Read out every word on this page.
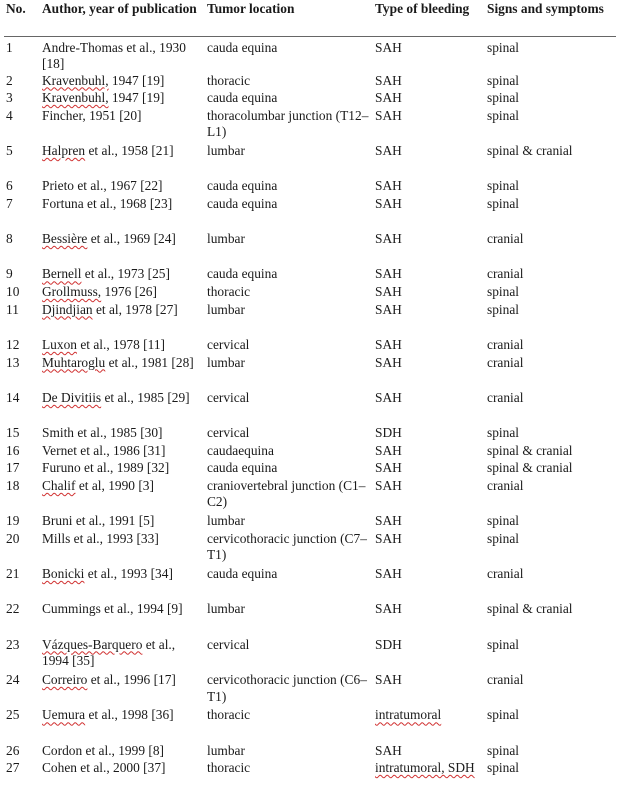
No.	Author, year of publication	Tumor location	Type of bleeding	Signs and symptoms
1	Andre-Thomas et al., 1930 [18]	cauda equina	SAH	spinal
2	Kravenbuhl, 1947 [19]	thoracic	SAH	spinal
3	Kravenbuhl, 1947 [19]	cauda equina	SAH	spinal
4	Fincher, 1951 [20]	thoracolumbar junction (T12–L1)	SAH	spinal
5	Halpren et al., 1958 [21]	lumbar	SAH	spinal & cranial
6	Prieto et al., 1967 [22]	cauda equina	SAH	spinal
7	Fortuna et al., 1968 [23]	cauda equina	SAH	spinal
8	Bessière et al., 1969 [24]	lumbar	SAH	cranial
9	Bernell et al., 1973 [25]	cauda equina	SAH	cranial
10	Grollmuss, 1976 [26]	thoracic	SAH	spinal
11	Djindjian et al, 1978 [27]	lumbar	SAH	spinal
12	Luxon et al., 1978 [11]	cervical	SAH	cranial
13	Muhtaroglu et al., 1981 [28]	lumbar	SAH	cranial
14	De Divitiis et al., 1985 [29]	cervical	SAH	cranial
15	Smith et al., 1985 [30]	cervical	SDH	spinal
16	Vernet et al., 1986 [31]	caudaequina	SAH	spinal & cranial
17	Furuno et al., 1989 [32]	cauda equina	SAH	spinal & cranial
18	Chalif et al, 1990 [3]	craniovertebral junction (C1–C2)	SAH	cranial
19	Bruni et al., 1991 [5]	lumbar	SAH	spinal
20	Mills et al., 1993 [33]	cervicothoracic junction (C7–T1)	SAH	spinal
21	Bonicki et al., 1993 [34]	cauda equina	SAH	cranial
22	Cummings et al., 1994 [9]	lumbar	SAH	spinal & cranial
23	Vázques-Barquero et al., 1994 [35]	cervical	SDH	spinal
24	Correiro et al., 1996 [17]	cervicothoracic junction (C6–T1)	SAH	cranial
25	Uemura et al., 1998 [36]	thoracic	intratumoral	spinal
26	Cordon et al., 1999 [8]	lumbar	SAH	spinal
27	Cohen et al., 2000 [37]	thoracic	intratumoral, SDH	spinal
